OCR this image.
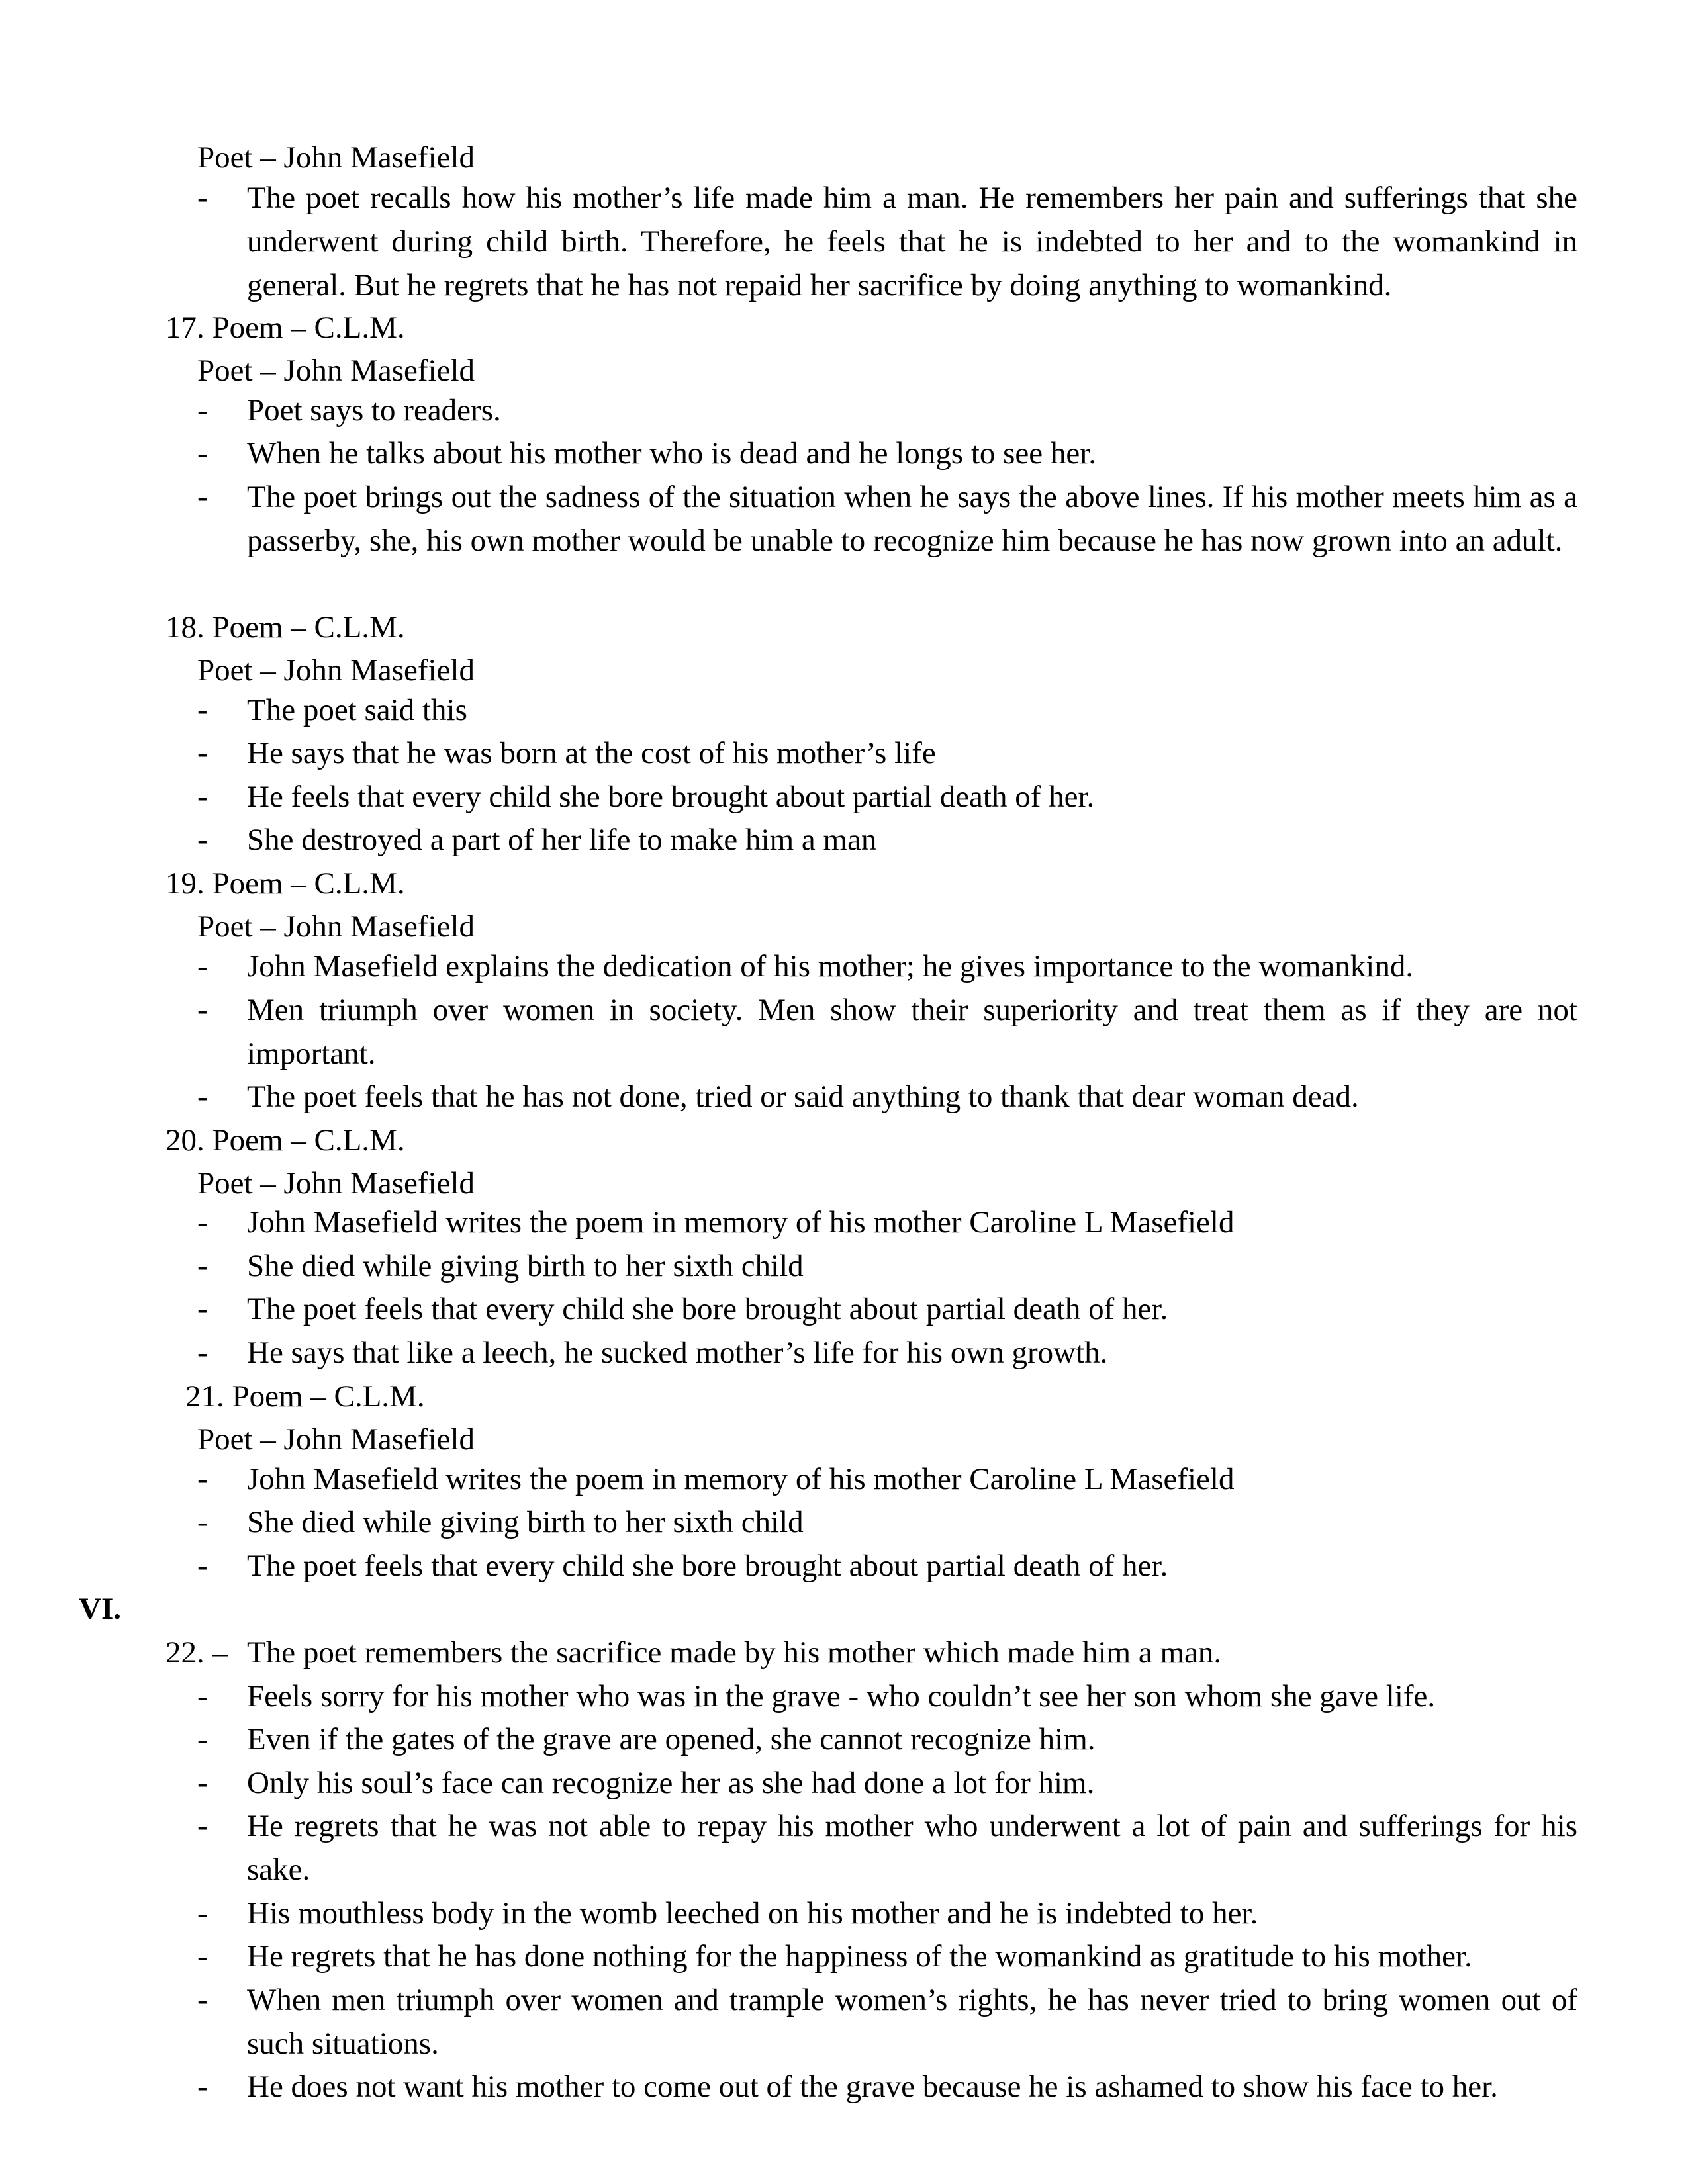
Poet – John Masefield
- The poet recalls how his mother’s life made him a man. He remembers her pain and sufferings that she underwent during child birth. Therefore, he feels that he is indebted to her and to the womankind in general. But he regrets that he has not repaid her sacrifice by doing anything to womankind.
17. Poem – C.L.M.
Poet – John Masefield
- Poet says to readers.
- When he talks about his mother who is dead and he longs to see her.
- The poet brings out the sadness of the situation when he says the above lines. If his mother meets him as a passerby, she, his own mother would be unable to recognize him because he has now grown into an adult.
18. Poem – C.L.M.
Poet – John Masefield
- The poet said this
- He says that he was born at the cost of his mother’s life
- He feels that every child she bore brought about partial death of her.
- She destroyed a part of her life to make him a man
19. Poem – C.L.M.
Poet – John Masefield
- John Masefield explains the dedication of his mother; he gives importance to the womankind.
- Men triumph over women in society. Men show their superiority and treat them as if they are not important.
- The poet feels that he has not done, tried or said anything to thank that dear woman dead.
20. Poem – C.L.M.
Poet – John Masefield
- John Masefield writes the poem in memory of his mother Caroline L Masefield
- She died while giving birth to her sixth child
- The poet feels that every child she bore brought about partial death of her.
- He says that like a leech, he sucked mother’s life for his own growth.
21. Poem – C.L.M.
Poet – John Masefield
- John Masefield writes the poem in memory of his mother Caroline L Masefield
- She died while giving birth to her sixth child
- The poet feels that every child she bore brought about partial death of her.
VI.
22. – The poet remembers the sacrifice made by his mother which made him a man.
- Feels sorry for his mother who was in the grave - who couldn’t see her son whom she gave life.
- Even if the gates of the grave are opened, she cannot recognize him.
- Only his soul’s face can recognize her as she had done a lot for him.
- He regrets that he was not able to repay his mother who underwent a lot of pain and sufferings for his sake.
- His mouthless body in the womb leeched on his mother and he is indebted to her.
- He regrets that he has done nothing for the happiness of the womankind as gratitude to his mother.
- When men triumph over women and trample women’s rights, he has never tried to bring women out of such situations.
- He does not want his mother to come out of the grave because he is ashamed to show his face to her.
